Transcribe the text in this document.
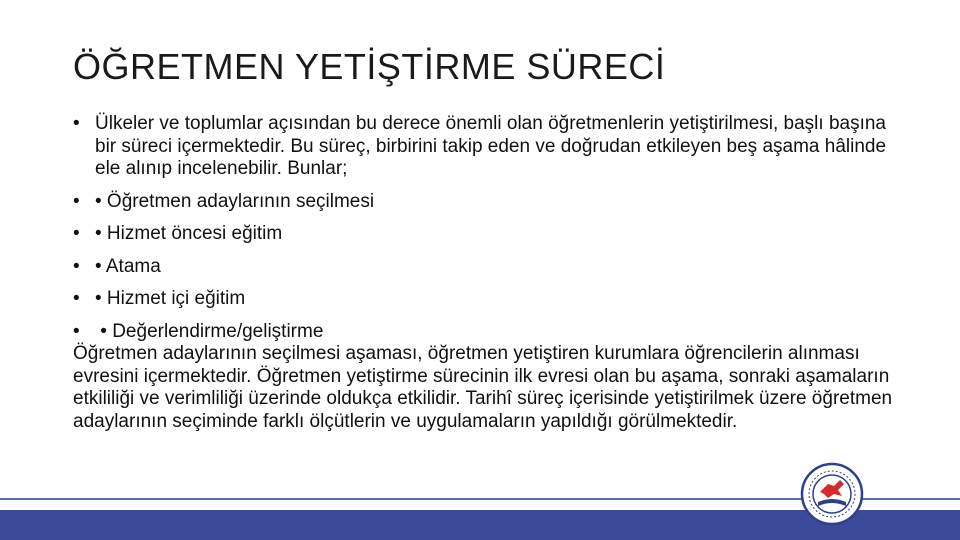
ÖĞRETMEN YETİŞTİRME SÜRECİ
• Ülkeler ve toplumlar açısından bu derece önemli olan öğretmenlerin yetiştirilmesi, başlı başına bir süreci içermektedir. Bu süreç, birbirini takip eden ve doğrudan etkileyen beş aşama hâlinde ele alınıp incelenebilir. Bunlar;
• • Öğretmen adaylarının seçilmesi
• • Hizmet öncesi eğitim
• • Atama
• • Hizmet içi eğitim
• • Değerlendirme/geliştirme

Öğretmen adaylarının seçilmesi aşaması, öğretmen yetiştiren kurumlara öğrencilerin alınması evresini içermektedir. Öğretmen yetiştirme sürecinin ilk evresi olan bu aşama, sonraki aşamaların etkililiği ve verimliliği üzerinde oldukça etkilidir. Tarihî süreç içerisinde yetiştirilmek üzere öğretmen adaylarının seçiminde farklı ölçütlerin ve uygulamaların yapıldığı görülmektedir.
